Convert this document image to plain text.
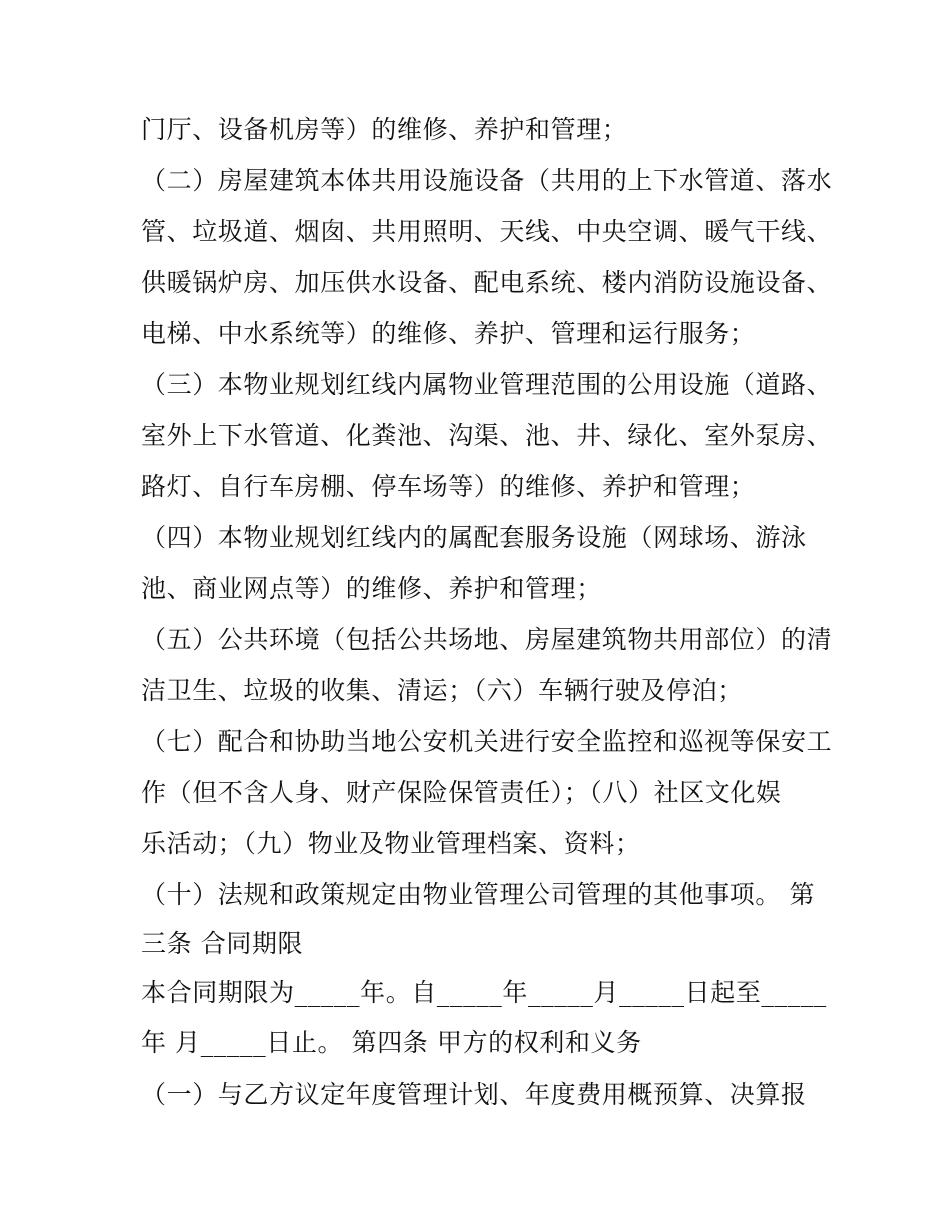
门厅、设备机房等）的维修、养护和管理；
（二）房屋建筑本体共用设施设备（共用的上下水管道、落水
管、垃圾道、烟囱、共用照明、天线、中央空调、暖气干线、
供暖锅炉房、加压供水设备、配电系统、楼内消防设施设备、
电梯、中水系统等）的维修、养护、管理和运行服务；
（三）本物业规划红线内属物业管理范围的公用设施（道路、
室外上下水管道、化粪池、沟渠、池、井、绿化、室外泵房、
路灯、自行车房棚、停车场等）的维修、养护和管理；
（四）本物业规划红线内的属配套服务设施（网球场、游泳
池、商业网点等）的维修、养护和管理；
（五）公共环境（包括公共场地、房屋建筑物共用部位）的清
洁卫生、垃圾的收集、清运；（六）车辆行驶及停泊；
（七）配合和协助当地公安机关进行安全监控和巡视等保安工
作（但不含人身、财产保险保管责任）；（八）社区文化娱
乐活动；（九）物业及物业管理档案、资料；
（十）法规和政策规定由物业管理公司管理的其他事项。 第
三条 合同期限
本合同期限为_____年。自_____年_____月_____日起至_____
年 月_____日止。 第四条 甲方的权利和义务
（一）与乙方议定年度管理计划、年度费用概预算、决算报
